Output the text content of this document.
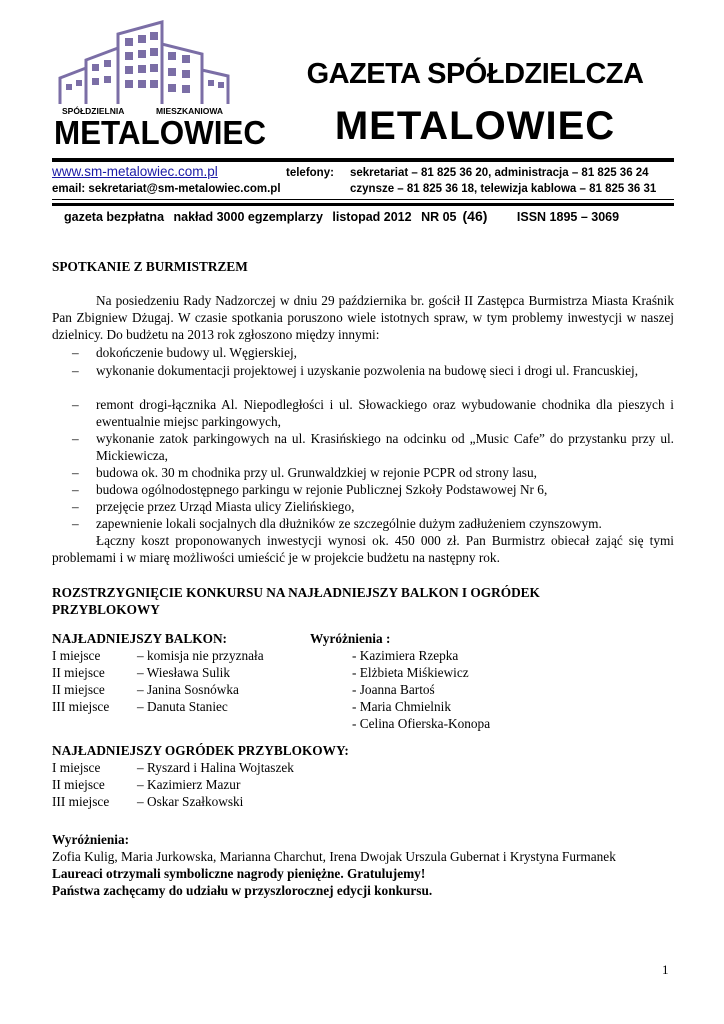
SPÓŁDZIELNIA	MIESZKANIOWA
METALOWIEC
GAZETA SPÓŁDZIELCZA
METALOWIEC
www.sm-metalowiec.com.pl
email: sekretariat@sm-metalowiec.com.pl
telefony: sekretariat – 81 825 36 20, administracja – 81 825 36 24
czynsze – 81 825 36 18, telewizja kablowa – 81 825 36 31
gazeta bezpłatna nakład 3000 egzemplarzy listopad 2012 NR 05 (46) ISSN 1895 – 3069
SPOTKANIE Z BURMISTRZEM
Na posiedzeniu Rady Nadzorczej w dniu 29 października br. gościł II Zastępca Burmistrza Miasta Kraśnik Pan Zbigniew Dżugaj. W czasie spotkania poruszono wiele istotnych spraw, w tym problemy inwestycji w naszej dzielnicy. Do budżetu na 2013 rok zgłoszono między innymi:
– dokończenie budowy ul. Węgierskiej,
– wykonanie dokumentacji projektowej i uzyskanie pozwolenia na budowę sieci i drogi ul. Francuskiej,
– remont drogi-łącznika Al. Niepodległości i ul. Słowackiego oraz wybudowanie chodnika dla pieszych i ewentualnie miejsc parkingowych,
– wykonanie zatok parkingowych na ul. Krasińskiego na odcinku od „Music Cafe” do przystanku przy ul. Mickiewicza,
– budowa ok. 30 m chodnika przy ul. Grunwaldzkiej w rejonie PCPR od strony lasu,
– budowa ogólnodostępnego parkingu w rejonie Publicznej Szkoły Podstawowej Nr 6,
– przejęcie przez Urząd Miasta ulicy Zielińskiego,
– zapewnienie lokali socjalnych dla dłużników ze szczególnie dużym zadłużeniem czynszowym.
Łączny koszt proponowanych inwestycji wynosi ok. 450 000 zł. Pan Burmistrz obiecał zająć się tymi problemami i w miarę możliwości umieścić je w projekcie budżetu na następny rok.
ROZSTRZYGNIĘCIE KONKURSU NA NAJŁADNIEJSZY BALKON I OGRÓDEK
PRZYBLOKOWY
NAJŁADNIEJSZY BALKON:	Wyróżnienia :
I miejsce	– komisja nie przyznała
II miejsce – Wiesława Sulik
II miejsce – Janina Sosnówka
III miejsce – Danuta Staniec
- Kazimiera Rzepka
- Elżbieta Miśkiewicz
- Joanna Bartoś
- Maria Chmielnik
- Celina Ofierska-Konopa
NAJŁADNIEJSZY OGRÓDEK PRZYBLOKOWY:
I miejsce	– Ryszard i Halina Wojtaszek
II miejsce – Kazimierz Mazur
III miejsce – Oskar Szałkowski
Wyróżnienia:
Zofia Kulig, Maria Jurkowska, Marianna Charchut, Irena Dwojak Urszula Gubernat i Krystyna Furmanek
Laureaci otrzymali symboliczne nagrody pieniężne. Gratulujemy!
Państwa zachęcamy do udziału w przyszlorocznej edycji konkursu.
1
